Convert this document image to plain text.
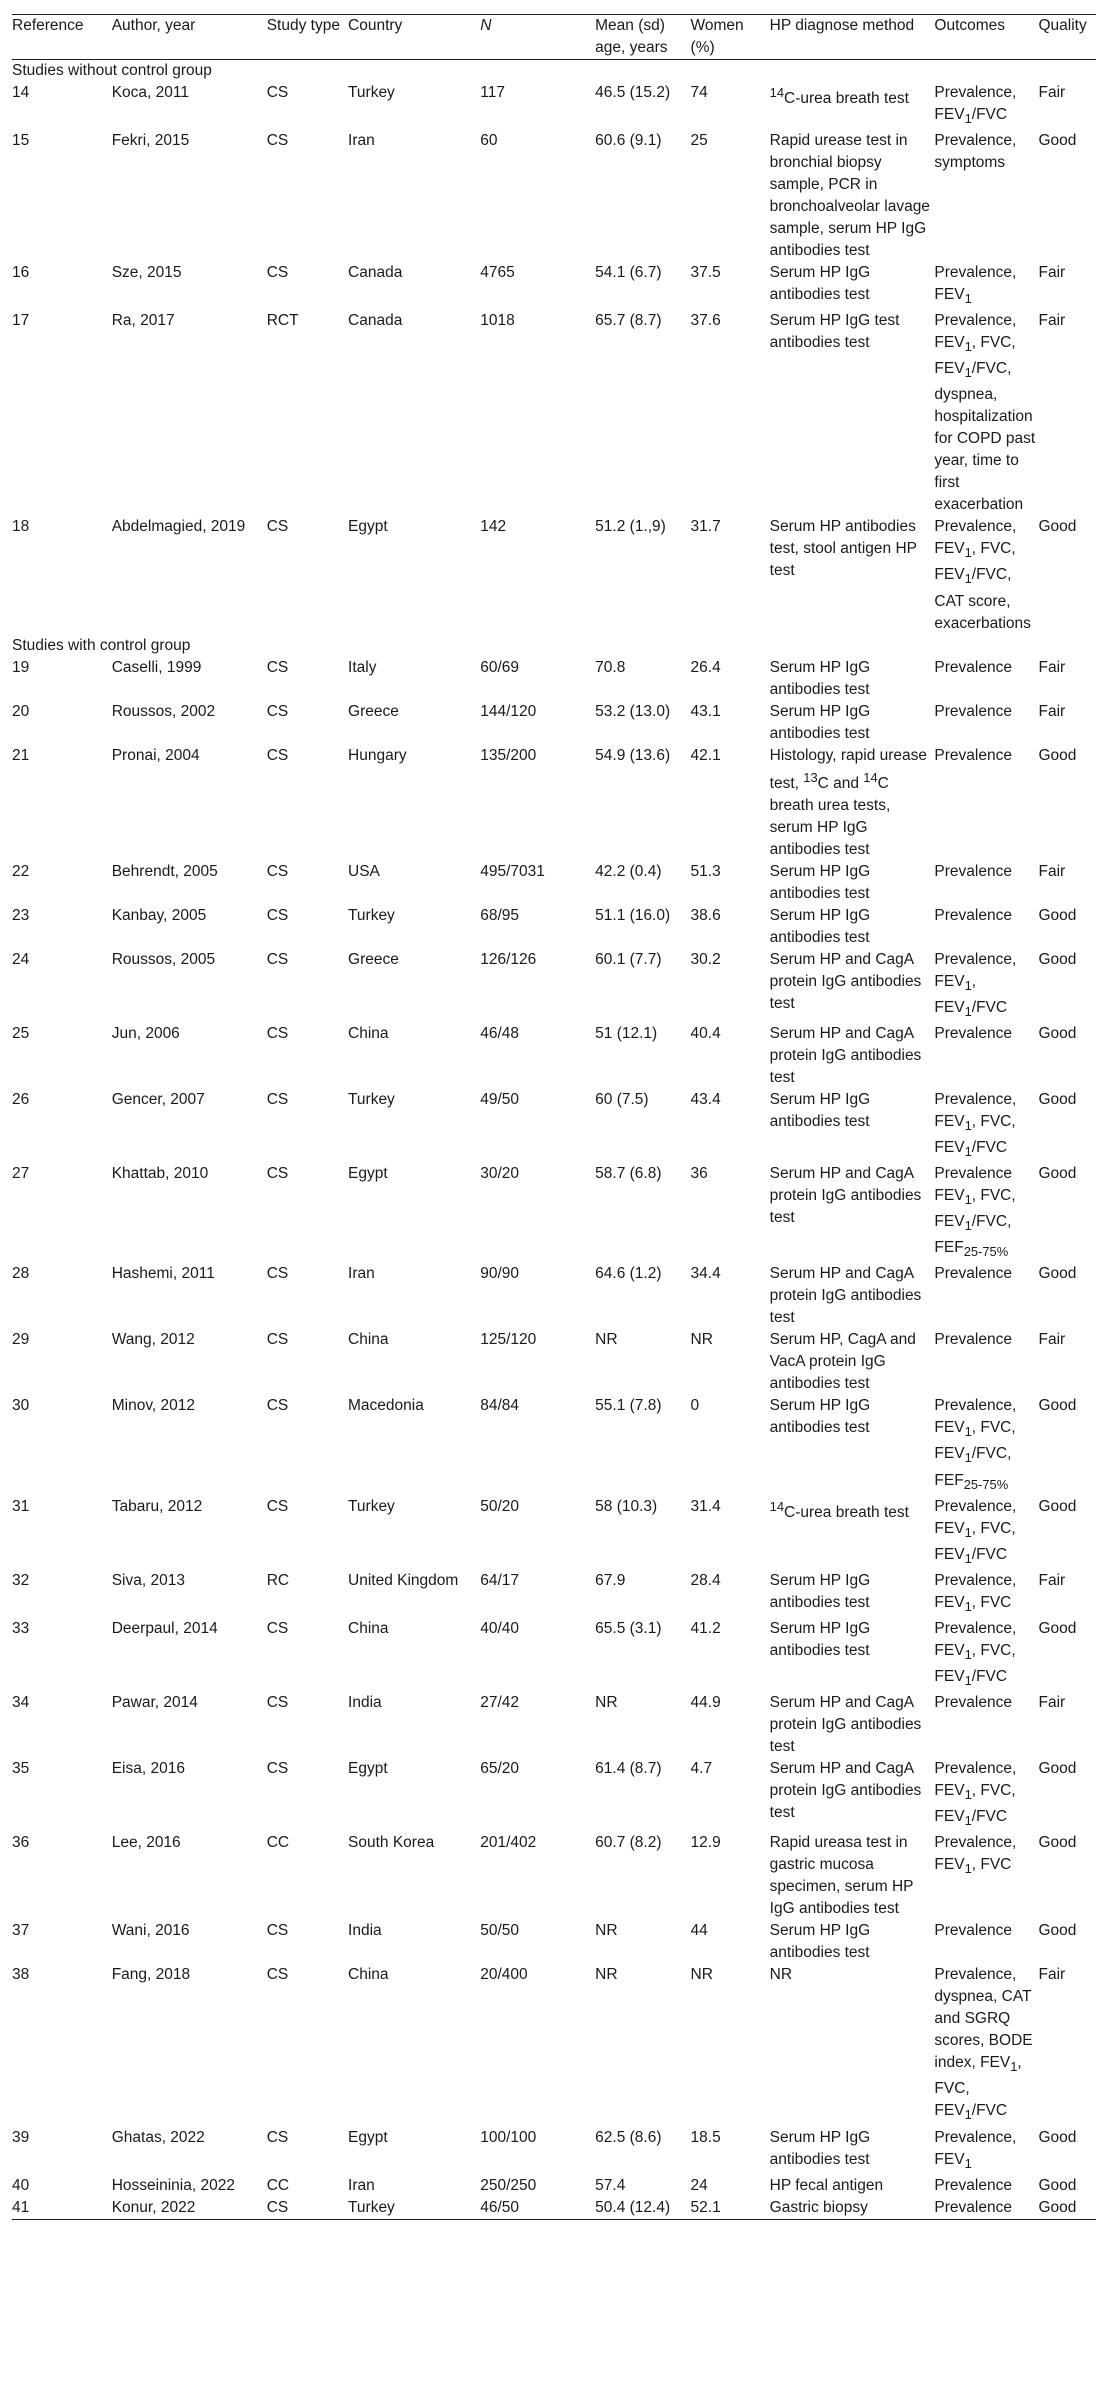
Reference	Author, year	Study type	Country	N	Mean (sd) age, years	Women (%)	HP diagnose method	Outcomes	Quality
Studies without control group									
14	Koca, 2011	CS	Turkey	117	46.5 (15.2)	74	$^{14}$C-urea breath test	Prevalence, $FEV_1$/FVC	Fair
15	Fekri, 2015	CS	Iran	60	60.6 (9.1)	25	Rapid urease test in bronchial biopsy sample, PCR in bronchoalveolar lavage sample, serum HP IgG antibodies test	Prevalence, symptoms	Good
16	Sze, 2015	CS	Canada	4765	54.1 (6.7)	37.5	Serum HP IgG antibodies test	Prevalence, $FEV_1$	Fair
17	Ra, 2017	RCT	Canada	1018	65.7 (8.7)	37.6	Serum HP IgG test antibodies test	Prevalence, $FEV_1$, FVC, $FEV_1$/FVC, dyspnea, hospitalization for COPD past year, time to first exacerbation	Fair
18	Abdelmagied, 2019	CS	Egypt	142	51.2 (1.,9)	31.7	Serum HP antibodies test, stool antigen HP test	Prevalence, $FEV_1$, FVC, $FEV_1$/FVC, CAT score, exacerbations	Good
Studies with control group									
19	Caselli, 1999	CS	Italy	60/69	70.8	26.4	Serum HP IgG antibodies test	Prevalence	Fair
20	Roussos, 2002	CS	Greece	144/120	53.2 (13.0)	43.1	Serum HP IgG antibodies test	Prevalence	Fair
21	Pronai, 2004	CS	Hungary	135/200	54.9 (13.6)	42.1	Histology, rapid urease test, $^{13}$C and $^{14}$C breath urea tests, serum HP IgG antibodies test	Prevalence	Good
22	Behrendt, 2005	CS	USA	495/7031	42.2 (0.4)	51.3	Serum HP IgG antibodies test	Prevalence	Fair
23	Kanbay, 2005	CS	Turkey	68/95	51.1 (16.0)	38.6	Serum HP IgG antibodies test	Prevalence	Good
24	Roussos, 2005	CS	Greece	126/126	60.1 (7.7)	30.2	Serum HP and CagA protein IgG antibodies test	Prevalence, $FEV_1$, $FEV_1$/FVC	Good
25	Jun, 2006	CS	China	46/48	51 (12.1)	40.4	Serum HP and CagA protein IgG antibodies test	Prevalence	Good
26	Gencer, 2007	CS	Turkey	49/50	60 (7.5)	43.4	Serum HP IgG antibodies test	Prevalence, $FEV_1$, FVC, $FEV_1$/FVC	Good
27	Khattab, 2010	CS	Egypt	30/20	58.7 (6.8)	36	Serum HP and CagA protein IgG antibodies test	Prevalence $FEV_1$, FVC, $FEV_1$/FVC, $FEF_{25-75\%}$	Good
28	Hashemi, 2011	CS	Iran	90/90	64.6 (1.2)	34.4	Serum HP and CagA protein IgG antibodies test	Prevalence	Good
29	Wang, 2012	CS	China	125/120	NR	NR	Serum HP, CagA and VacA protein IgG antibodies test	Prevalence	Fair
30	Minov, 2012	CS	Macedonia	84/84	55.1 (7.8)	0	Serum HP IgG antibodies test	Prevalence, $FEV_1$, FVC, $FEV_1$/FVC, $FEF_{25-75\%}$	Good
31	Tabaru, 2012	CS	Turkey	50/20	58 (10.3)	31.4	$^{14}$C-urea breath test	Prevalence, $FEV_1$, FVC, $FEV_1$/FVC	Good
32	Siva, 2013	RC	United Kingdom	64/17	67.9	28.4	Serum HP IgG antibodies test	Prevalence, $FEV_1$, FVC	Fair
33	Deerpaul, 2014	CS	China	40/40	65.5 (3.1)	41.2	Serum HP IgG antibodies test	Prevalence, $FEV_1$, FVC, $FEV_1$/FVC	Good
34	Pawar, 2014	CS	India	27/42	NR	44.9	Serum HP and CagA protein IgG antibodies test	Prevalence	Fair
35	Eisa, 2016	CS	Egypt	65/20	61.4 (8.7)	4.7	Serum HP and CagA protein IgG antibodies test	Prevalence, $FEV_1$, FVC, $FEV_1$/FVC	Good
36	Lee, 2016	CC	South Korea	201/402	60.7 (8.2)	12.9	Rapid ureasa test in gastric mucosa specimen, serum HP IgG antibodies test	Prevalence, $FEV_1$, FVC	Good
37	Wani, 2016	CS	India	50/50	NR	44	Serum HP IgG antibodies test	Prevalence	Good
38	Fang, 2018	CS	China	20/400	NR	NR	NR	Prevalence, dyspnea, CAT and SGRQ scores, BODE index, $FEV_1$, FVC, $FEV_1$/FVC	Fair
39	Ghatas, 2022	CS	Egypt	100/100	62.5 (8.6)	18.5	Serum HP IgG antibodies test	Prevalence, $FEV_1$	Good
40	Hosseininia, 2022	CC	Iran	250/250	57.4	24	HP fecal antigen	Prevalence	Good
41	Konur, 2022	CS	Turkey	46/50	50.4 (12.4)	52.1	Gastric biopsy	Prevalence	Good
